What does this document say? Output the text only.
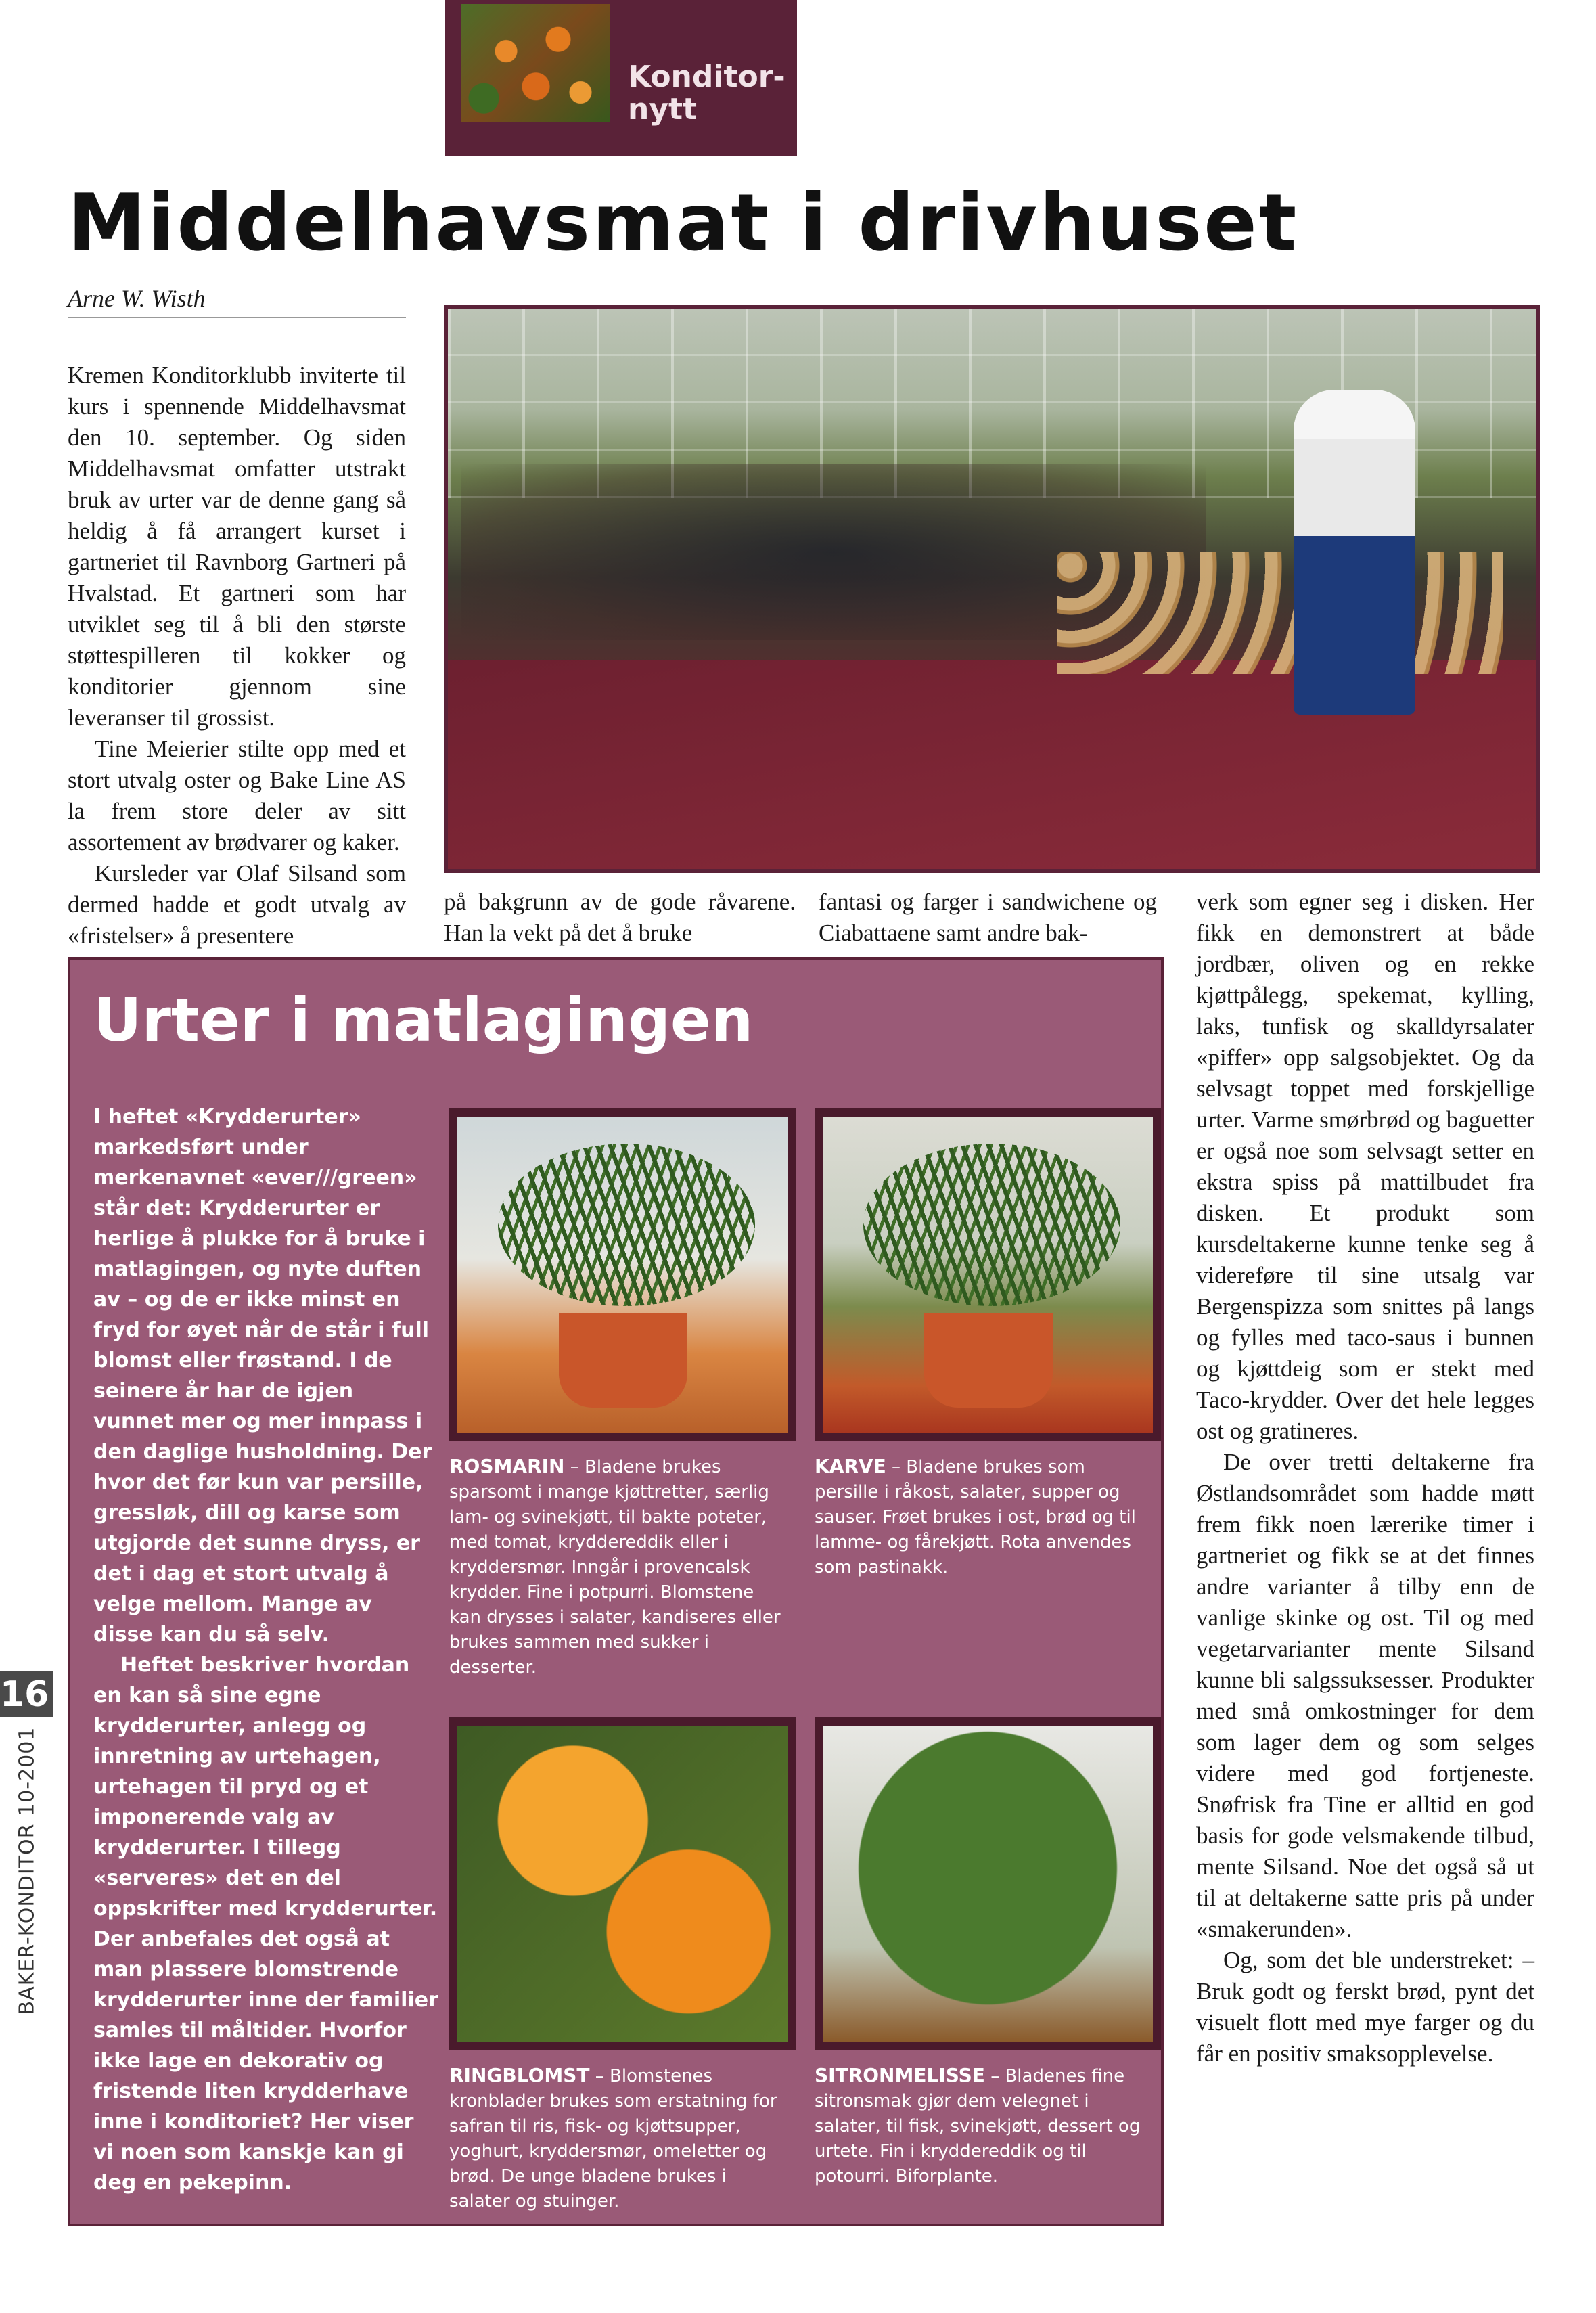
Konditor-
nytt
Middelhavsmat i drivhuset
Arne W. Wisth

Kremen Konditorklubb inviterte til kurs i spennende Middelhavsmat den 10. september. Og siden Middelhavsmat omfatter utstrakt bruk av urter var de denne gang så heldig å få arrangert kurset i gartneriet til Ravnborg Gartneri på Hvalstad. Et gartneri som har utviklet seg til å bli den største støttespilleren til kokker og konditorier gjennom sine leveranser til grossist.

Tine Meierier stilte opp med et stort utvalg oster og Bake Line AS la frem store deler av sitt assortement av brødvarer og kaker.

Kursleder var Olaf Silsand som dermed hadde et godt utvalg av «fristelser» å presentere

på bakgrunn av de gode råvarene. Han la vekt på det å bruke

fantasi og farger i sandwichene og Ciabattaene samt andre bak-

verk som egner seg i disken. Her fikk en demonstrert at både jordbær, oliven og en rekke kjøttpålegg, spekemat, kylling, laks, tunfisk og skalldyrsalater «piffer» opp salgsobjektet. Og da selvsagt toppet med forskjellige urter. Varme smørbrød og baguetter er også noe som selvsagt setter en ekstra spiss på mattilbudet fra disken. Et produkt som kursdeltakerne kunne tenke seg å videreføre til sine utsalg var Bergenspizza som snittes på langs og fylles med taco-saus i bunnen og kjøttdeig som er stekt med Taco-krydder. Over det hele legges ost og gratineres.

De over tretti deltakerne fra Østlandsområdet som hadde møtt frem fikk noen lærerike timer i gartneriet og fikk se at det finnes andre varianter å tilby enn de vanlige skinke og ost. Til og med vegetarvarianter mente Silsand kunne bli salgssuksesser. Produkter med små omkostninger for dem som lager dem og som selges videre med god fortjeneste. Snøfrisk fra Tine er alltid en god basis for gode velsmakende tilbud, mente Silsand. Noe det også så ut til at deltakerne satte pris på under «smakerunden».

Og, som det ble understreket: – Bruk godt og ferskt brød, pynt det visuelt flott med mye farger og du får en positiv smaksopplevelse.

Urter i matlagingen

I heftet «Krydderurter» markedsført under merkenavnet «ever///green» står det: Krydderurter er herlige å plukke for å bruke i matlagingen, og nyte duften av – og de er ikke minst en fryd for øyet når de står i full blomst eller frøstand. I de seinere år har de igjen vunnet mer og mer innpass i den daglige husholdning. Der hvor det før kun var persille, gressløk, dill og karse som utgjorde det sunne dryss, er det i dag et stort utvalg å velge mellom. Mange av disse kan du så selv.

Heftet beskriver hvordan en kan så sine egne krydderurter, anlegg og innretning av urtehagen, urtehagen til pryd og et imponerende valg av krydderurter. I tillegg «serveres» det en del oppskrifter med krydderurter. Der anbefales det også at man plassere blomstrende krydderurter inne der familier samles til måltider. Hvorfor ikke lage en dekorativ og fristende liten krydderhave inne i konditoriet? Her viser vi noen som kanskje kan gi deg en pekepinn.

ROSMARIN – Bladene brukes sparsomt i mange kjøttretter, særlig lam- og svinekjøtt, til bakte poteter, med tomat, kryddereddik eller i kryddersmør. Inngår i provencalsk krydder. Fine i potpurri. Blomstene kan drysses i salater, kandiseres eller brukes sammen med sukker i desserter.

KARVE – Bladene brukes som persille i råkost, salater, supper og sauser. Frøet brukes i ost, brød og til lamme- og fårekjøtt. Rota anvendes som pastinakk.

RINGBLOMST – Blomstenes kronblader brukes som erstatning for safran til ris, fisk- og kjøttsupper, yoghurt, kryddersmør, omeletter og brød. De unge bladene brukes i salater og stuinger.

SITRONMELISSE – Bladenes fine sitronsmak gjør dem velegnet i salater, til fisk, svinekjøtt, dessert og urtete. Fin i kryddereddik og til potourri. Biforplante.

16
BAKER-KONDITOR 10-2001
